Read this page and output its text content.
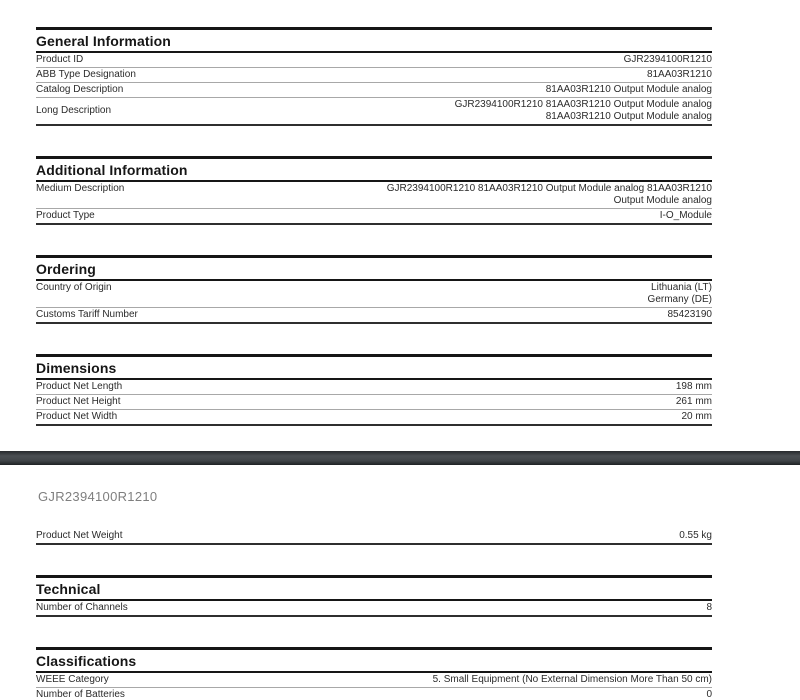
General Information
Product ID	GJR2394100R1210
ABB Type Designation	81AA03R1210
Catalog Description	81AA03R1210 Output Module analog
Long Description
GJR2394100R1210 81AA03R1210 Output Module analog
81AA03R1210 Output Module analog
Additional Information
Medium Description	GJR2394100R1210 81AA03R1210 Output Module analog 81AA03R1210
Output Module analog
Product Type	I-O_Module
Ordering
Country of Origin	Lithuania (LT)
Germany (DE)
Customs Tariff Number	85423190
Dimensions
Product Net Length	198 mm
Product Net Height	261 mm
Product Net Width	20 mm
GJR2394100R1210
Product Net Weight	0.55 kg
Technical
Number of Channels	8
Classifications
WEEE Category	5. Small Equipment (No External Dimension More Than 50 cm)
Number of Batteries	0
